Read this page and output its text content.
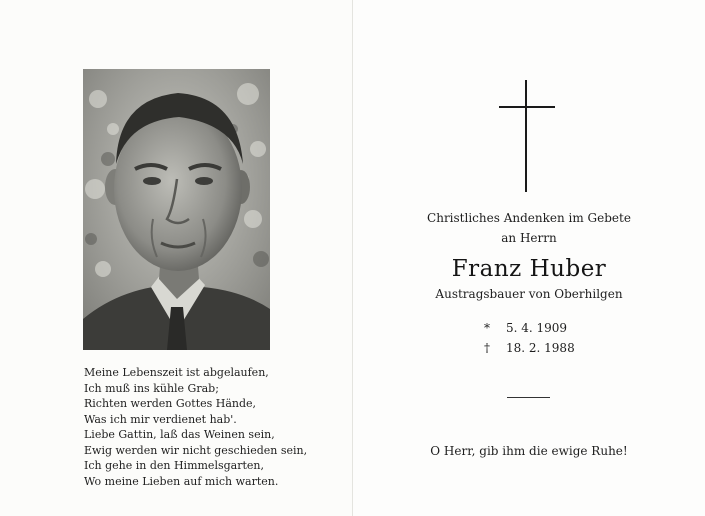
Meine Lebenszeit ist abgelaufen,
Ich muß ins kühle Grab;
Richten werden Gottes Hände,
Was ich mir verdienet hab'.
Liebe Gattin, laß das Weinen sein,
Ewig werden wir nicht geschieden sein,
Ich gehe in den Himmelsgarten,
Wo meine Lieben auf mich warten.
Christliches Andenken im Gebete
an Herrn
Franz Huber
Austragsbauer von Oberhilgen
*	5. 4. 1909
†	18. 2. 1988
O Herr, gib ihm die ewige Ruhe!
